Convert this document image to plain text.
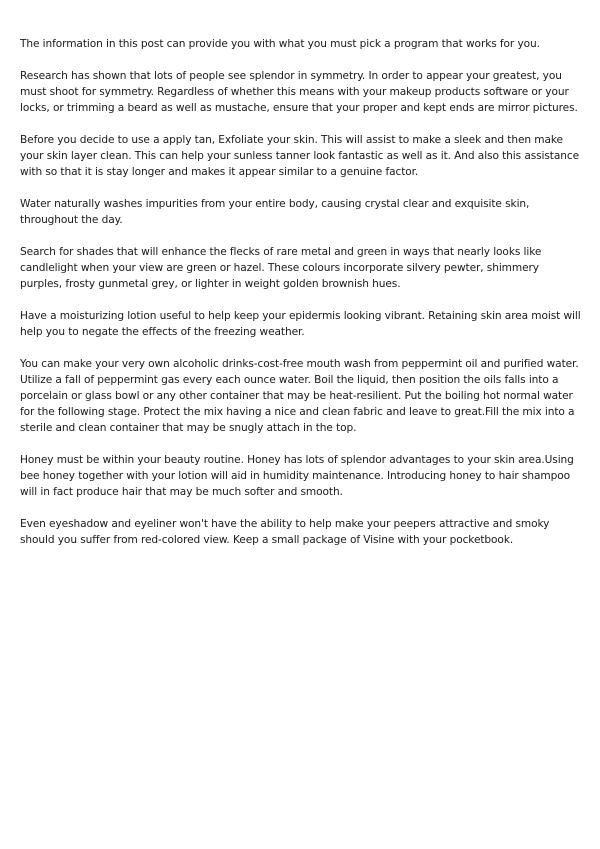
The information in this post can provide you with what you must pick a program that works for you.

Research has shown that lots of people see splendor in symmetry. In order to appear your greatest, you must shoot for symmetry. Regardless of whether this means with your makeup products software or your locks, or trimming a beard as well as mustache, ensure that your proper and kept ends are mirror pictures.

Before you decide to use a apply tan, Exfoliate your skin. This will assist to make a sleek and then make your skin layer clean. This can help your sunless tanner look fantastic as well as it. And also this assistance with so that it is stay longer and makes it appear similar to a genuine factor.

Water naturally washes impurities from your entire body, causing crystal clear and exquisite skin, throughout the day.

Search for shades that will enhance the flecks of rare metal and green in ways that nearly looks like candlelight when your view are green or hazel. These colours incorporate silvery pewter, shimmery purples, frosty gunmetal grey, or lighter in weight golden brownish hues.

Have a moisturizing lotion useful to help keep your epidermis looking vibrant. Retaining skin area moist will help you to negate the effects of the freezing weather.

You can make your very own alcoholic drinks-cost-free mouth wash from peppermint oil and purified water. Utilize a fall of peppermint gas every each ounce water. Boil the liquid, then position the oils falls into a porcelain or glass bowl or any other container that may be heat-resilient. Put the boiling hot normal water for the following stage. Protect the mix having a nice and clean fabric and leave to great.Fill the mix into a sterile and clean container that may be snugly attach in the top.

Honey must be within your beauty routine. Honey has lots of splendor advantages to your skin area.Using bee honey together with your lotion will aid in humidity maintenance. Introducing honey to hair shampoo will in fact produce hair that may be much softer and smooth.

Even eyeshadow and eyeliner won't have the ability to help make your peepers attractive and smoky should you suffer from red-colored view. Keep a small package of Visine with your pocketbook.
